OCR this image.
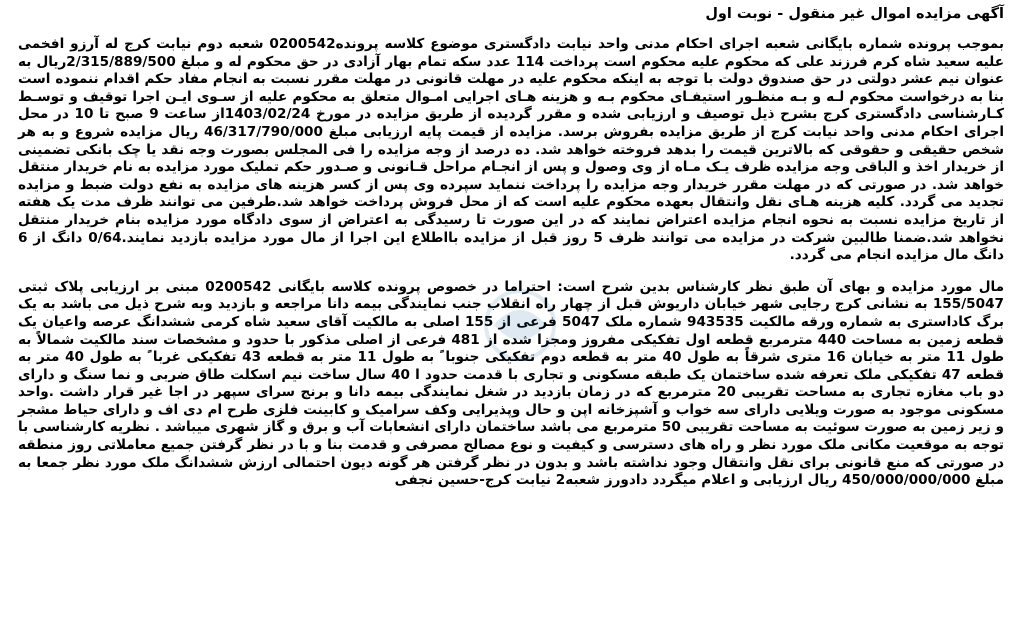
آگهی مزایده اموال غیر منقول - نوبت اول

بموجب پرونده شماره بایگانی شعبه اجرای احکام مدنی واحد نیابت دادگستری موضوع کلاسه پرونده0200542 شعبه دوم نیابت کرج له آرزو افخمی علیه سعید شاه کرم فرزند علی که محکوم علیه محکوم است پرداخت 114 عدد سکه تمام بهار آزادی در حق محکوم له و مبلغ 2/315/889/500ریال به عنوان نیم عشر دولتی در حق صندوق دولت با توجه به اینکه محکوم علیه در مهلت قانونی در مهلت مقرر نسبت به انجام مفاد حکم اقدام ننموده است بنا به درخواست محکوم لـه و بـه منظـور استیفـای محکوم بـه و هزینه هـای اجرایی امـوال متعلق به محکوم علیه از سـوی ایـن اجرا توقیف و توسـط کـارشناسی دادگستری کرج بشرح ذیل توصیف و ارزیابی شده و مقرر گردیده از طریق مزایده در مورخ 1403/02/24از ساعت 9 صبح تا 10 در محل اجرای احکام مدنی واحد نیابت کرج از طریق مزایده بفروش برسد. مزایده از قیمت پایه ارزیابی مبلغ 46/317/790/000 ریال مزایده شروع و به هر شخص حقیقی و حقوقی که بالاترین قیمت را بدهد فروخته خواهد شد. ده درصد از وجه مزایده را فی المجلس بصورت وجه نقد یا چک بانکی تضمینی از خریدار اخذ و الباقی وجه مزایده ظرف یـک مـاه از وی وصول و پس از انجـام مراحل قـانونی و صـدور حکم تملیک مورد مزایده به نام خریدار منتقل خواهد شد. در صورتی که در مهلت مقرر خریدار وجه مزایده را پرداخت ننماید سپرده وی پس از کسر هزینه های مزایده به نفع دولت ضبط و مزایده تجدید می گردد. کلیه هزینه هـای نقل وانتقال بعهده محکوم علیه است که از محل فروش پرداخت خواهد شد.طرفین می توانند ظرف مدت یک هفته از تاریخ مزایده نسبت به نحوه انجام مزایده اعتراض نمایند که در این صورت تا رسیدگی به اعتراض از سوی دادگاه مورد مزایده بنام خریدار منتقل نخواهد شد.ضمنا طالبین شرکت در مزایده می توانند ظرف 5 روز قبل از مزایده بااطلاع این اجرا از مال مورد مزایده بازدید نمایند.0/64 دانگ از 6 دانگ مال مزایده انجام می گردد.

مال مورد مزایده و بهای آن طبق نظر کارشناس بدین شرح است: احتراما در خصوص پرونده کلاسه بایگانی 0200542 مبنی بر ارزیابی پلاک ثبتی 155/5047 به نشانی کرج رجایی شهر خیابان داریوش قبل از چهار راه انقلاب جنب نمایندگی بیمه دانا مراجعه و بازدید وبه شرح ذیل می باشد به یک برگ کاداستری به شماره ورقه مالکیت 943535 شماره ملک 5047 فرعی از 155 اصلی به مالکیت آقای سعید شاه کرمی ششدانگ عرصه واعیان یک قطعه زمین به مساحت 440 مترمربع قطعه اول تفکیکی مفروز ومجزا شده از 481 فرعی از اصلی مذکور با حدود و مشخصات سند مالکیت شمالاً به طول 11 متر به خیابان 16 متری شرقاً به طول 40 متر به قطعه دوم تفکیکی جنوبا ً به طول 11 متر به قطعه 43 تفکیکی غربا ً به طول 40 متر به قطعه 47 تفکیکی ملک تعرفه شده ساختمان یک طبقه مسکونی و تجاری با قدمت حدود ا 40 سال ساخت نیم اسکلت طاق ضربی و نما سنگ و دارای دو باب مغازه تجاری به مساحت تقریبی 20 مترمربع که در زمان بازدید در شغل نمایندگی بیمه دانا و برنج سرای سپهر در اجا غیر قرار داشت .واحد مسکونی موجود به صورت ویلایی دارای سه خواب و آشپزخانه اپن و حال وپذیرایی وکف سرامیک و کابینت فلزی طرح ام دی اف و دارای حیاط مشجر و زیر زمین به صورت سوئیت به مساحت تقریبی 50 مترمربع می باشد ساختمان دارای انشعابات آب و برق و گاز شهری میباشد . نظریه کارشناسی با توجه به موقعیت مکانی ملک مورد نظر و راه های دسترسی و کیفیت و نوع مصالح مصرفی و قدمت بنا و با در نظر گرفتن جمیع معاملاتی روز منطقه در صورتی که منع قانونی برای نقل وانتقال وجود نداشته باشد و بدون در نظر گرفتن هر گونه دیون احتمالی ارزش ششدانگ ملک مورد نظر جمعا به مبلغ 450/000/000/000 ریال ارزیابی و اعلام میگردد دادورز شعبه2 نیابت کرج-حسین نجفی
